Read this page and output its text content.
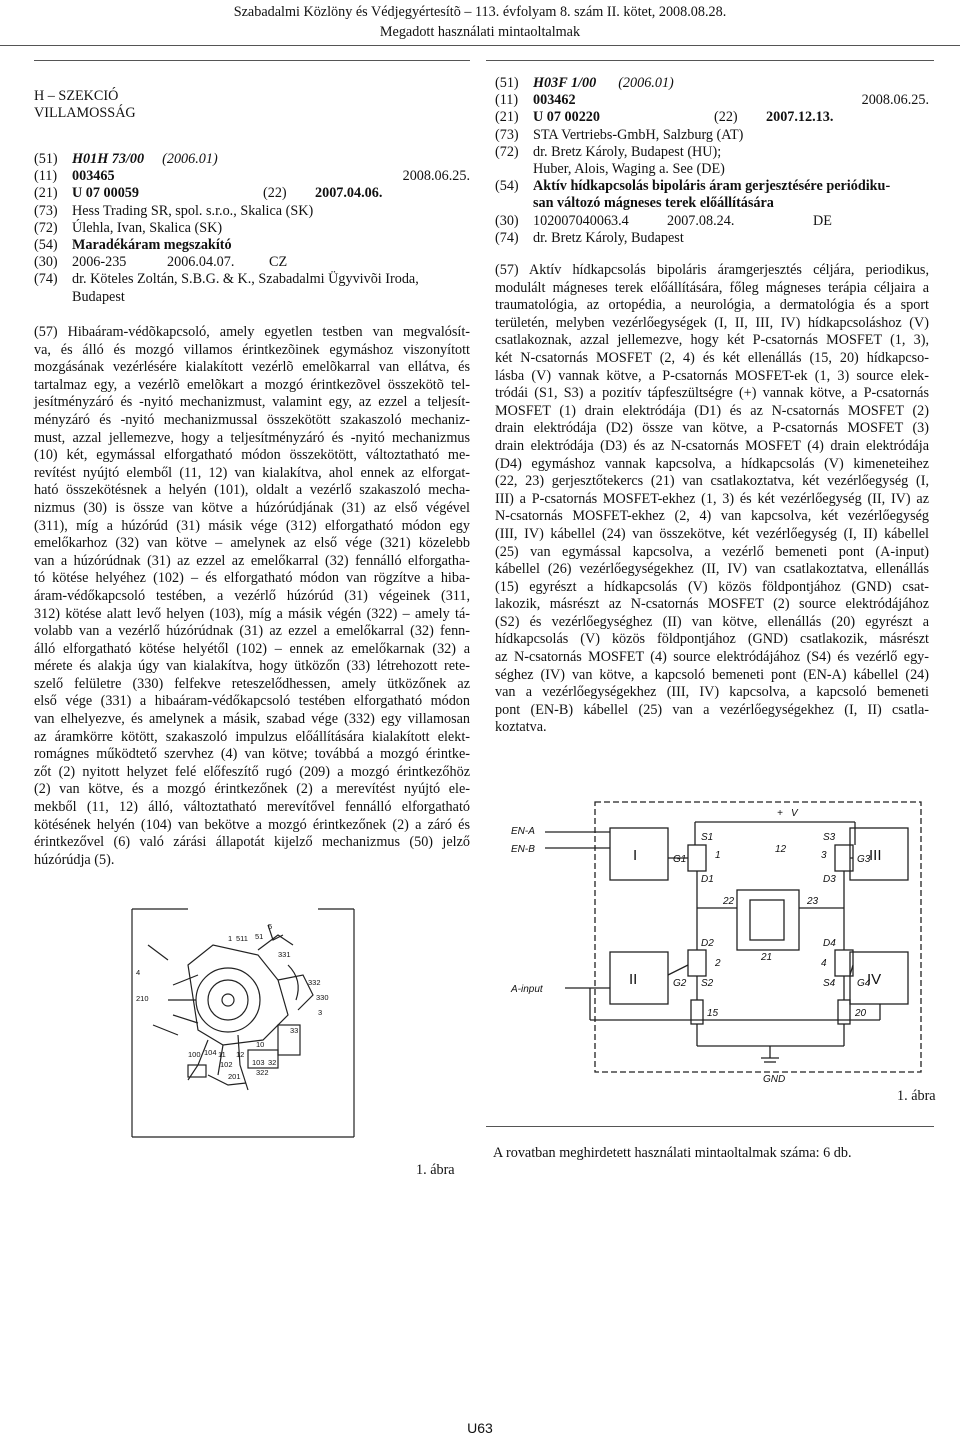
Szabadalmi Közlöny és Védjegyértesítõ – 113. évfolyam 8. szám II. kötet, 2008.08.28.
Megadott használati mintaoltalmak
H – SZEKCIÓ
VILLAMOSSÁG
(51) H01H 73/00 (2006.01)
(11) 003465	2008.06.25.
(21) U 07 00059	(22) 2007.04.06.
(73) Hess Trading SR, spol. s.r.o., Skalica (SK)
(72) Úlehla, Ivan, Skalica (SK)
(54) Maradékáram megszakító
(30) 2006-235	2006.04.07. CZ
(74) dr. Köteles Zoltán, S.B.G. & K., Szabadalmi Ügyvivõi Iroda,
Budapest
(57) Hibaáram-védõkapcsoló, amely egyetlen testben van megvalósít-
va, és álló és mozgó villamos érintkezõinek egymáshoz viszonyított
mozgásának vezérlésére kialakított vezérlõ emelõkarral van ellátva, és
tartalmaz egy, a vezérlõ emelõkart a mozgó érintkezõvel összekötõ tel-
jesítményzáró és -nyitó mechanizmust, valamint egy, az ezzel a teljesít-
ményzáró és -nyitó mechanizmussal összekötött szakaszoló mechaniz-
must, azzal jellemezve, hogy a teljesítményzáró és -nyitó mechanizmus
(10) két, egymással elforgatható módon összekötött, változtatható me-
revítést nyújtó elemből (11, 12) van kialakítva, ahol ennek az elforgat-
ható összekötésnek a helyén (101), oldalt a vezérlő szakaszoló mecha-
nizmus (30) is össze van kötve a húzórúdjának (31) az első végével
(311), míg a húzórúd (31) másik vége (312) elforgatható módon egy
emelőkarhoz (32) van kötve – amelynek az első vége (321) közelebb
van a húzórúdnak (31) az ezzel az emelőkarral (32) fennálló elforgatha-
tó kötése helyéhez (102) – és elforgatható módon van rögzítve a hiba-
áram-védőkapcsoló testében, a vezérlő húzórúd (31) végeinek (311,
312) kötése alatt levő helyen (103), míg a másik végén (322) – amely tá-
volabb van a vezérlő húzórúdnak (31) az ezzel a emelőkarral (32) fenn-
álló elforgatható kötése helyétől (102) – ennek az emelőkarnak (32) a
mérete és alakja úgy van kialakítva, hogy ütközőn (33) létrehozott rete-
szelő felületre (330) felfekve reteszelődhessen, amely ütközőnek az
első vége (331) a hibaáram-védőkapcsoló testében elforgatható módon
van elhelyezve, és amelynek a másik, szabad vége (332) egy villamosan
az áramkörre kötött, szakaszoló impulzus előállítására kialakított elekt-
romágnes működtető szervhez (4) van kötve; továbbá a mozgó érintke-
zőt (2) nyitott helyzet felé előfeszítő rugó (209) a mozgó érintkezőhöz
(2) van kötve, és a mozgó érintkezőnek (2) a merevítést nyújtó ele-
mekből (11, 12) álló, változtatható merevítővel fennálló elforgatható
kötésének helyén (104) van bekötve a mozgó érintkezőnek (2) a záró és
érintkezővel (6) való zárási állapotát kijelző mechanizmus (50) jelző
húzórúdja (5).
1 511 51
5
331
332
330
3
4
33
210
10
12
103 32
322
102
104
100 11
201
1. ábra
(51) H03F 1/00 (2006.01)
(11) 003462	2008.06.25.
(21) U 07 00220	(22) 2007.12.13.
(73) STA Vertriebs-GmbH, Salzburg (AT)
(72) dr. Bretz Károly, Budapest (HU);
Huber, Alois, Waging a. See (DE)
(54) Aktív hídkapcsolás bipoláris áram gerjesztésére periódiku-
san változó mágneses terek előállítására
(30) 102007040063.4	2007.08.24.	DE
(74) dr. Bretz Károly, Budapest
(57) Aktív hídkapcsolás bipoláris áramgerjesztés céljára, periodikus,
modulált mágneses terek előállítására, főleg mágneses terápia céljaira a
traumatológia, az ortopédia, a neurológia, a dermatológia és a sport
területén, melyben vezérlőegységek (I, II, III, IV) hídkapcsoláshoz (V)
csatlakoznak, azzal jellemezve, hogy két P-csatornás MOSFET (1, 3),
két N-csatornás MOSFET (2, 4) és két ellenállás (15, 20) hídkapcso-
lásba (V) vannak kötve, a P-csatornás MOSFET-ek (1, 3) source elek-
tródái (S1, S3) a pozitív tápfeszültségre (+) vannak kötve, a P-csatornás
MOSFET (1) drain elektródája (D1) és az N-csatornás MOSFET (2)
drain elektródája (D2) össze van kötve, a P-csatornás MOSFET (3)
drain elektródája (D3) és az N-csatornás MOSFET (4) drain elektródája
(D4) egymáshoz vannak kapcsolva, a hídkapcsolás (V) kimeneteihez
(22, 23) gerjesztőtekercs (21) van csatlakoztatva, két vezérlőegység (I,
III) a P-csatornás MOSFET-ekhez (1, 3) és két vezérlőegység (II, IV) az
N-csatornás MOSFET-ekhez (2, 4) van kapcsolva, két vezérlőegység
(III, IV) kábellel (24) van összekötve, két vezérlőegység (I, II) kábellel
(25) van egymással kapcsolva, a vezérlő bemeneti pont (A-input)
kábellel (26) vezérlőegységekhez (II, IV) van csatlakoztatva, ellenállás
(15) egyrészt a hídkapcsolás (V) közös földpontjához (GND) csat-
lakozik, másrészt az N-csatornás MOSFET (2) source elektródájához
(S2) és vezérlőegységhez (II) van kötve, ellenállás (20) egyrészt a
hídkapcsolás (V) közös földpontjához (GND) csatlakozik, másrészt
az N-csatornás MOSFET (4) source elektródájához (S4) és vezérlő egy-
séghez (IV) van kötve, a kapcsoló bemeneti pont (EN-A) kábellel (24)
van a vezérlőegységekhez (III, IV) kapcsolva, a kapcsoló bemeneti
pont (EN-B) kábellel (25) van a vezérlőegységekhez (I, II) csatla-
koztatva.
EN-A
EN-B
A-input
V
+
GND
I	III
II	IV
G1
G2
G3
G4
S1
S2
S3
S4
D1
D2
D3
D4
1
2
3
4
21
22	23
12
15	20
1. ábra
A rovatban meghirdetett használati mintaoltalmak száma: 6 db.
U63
